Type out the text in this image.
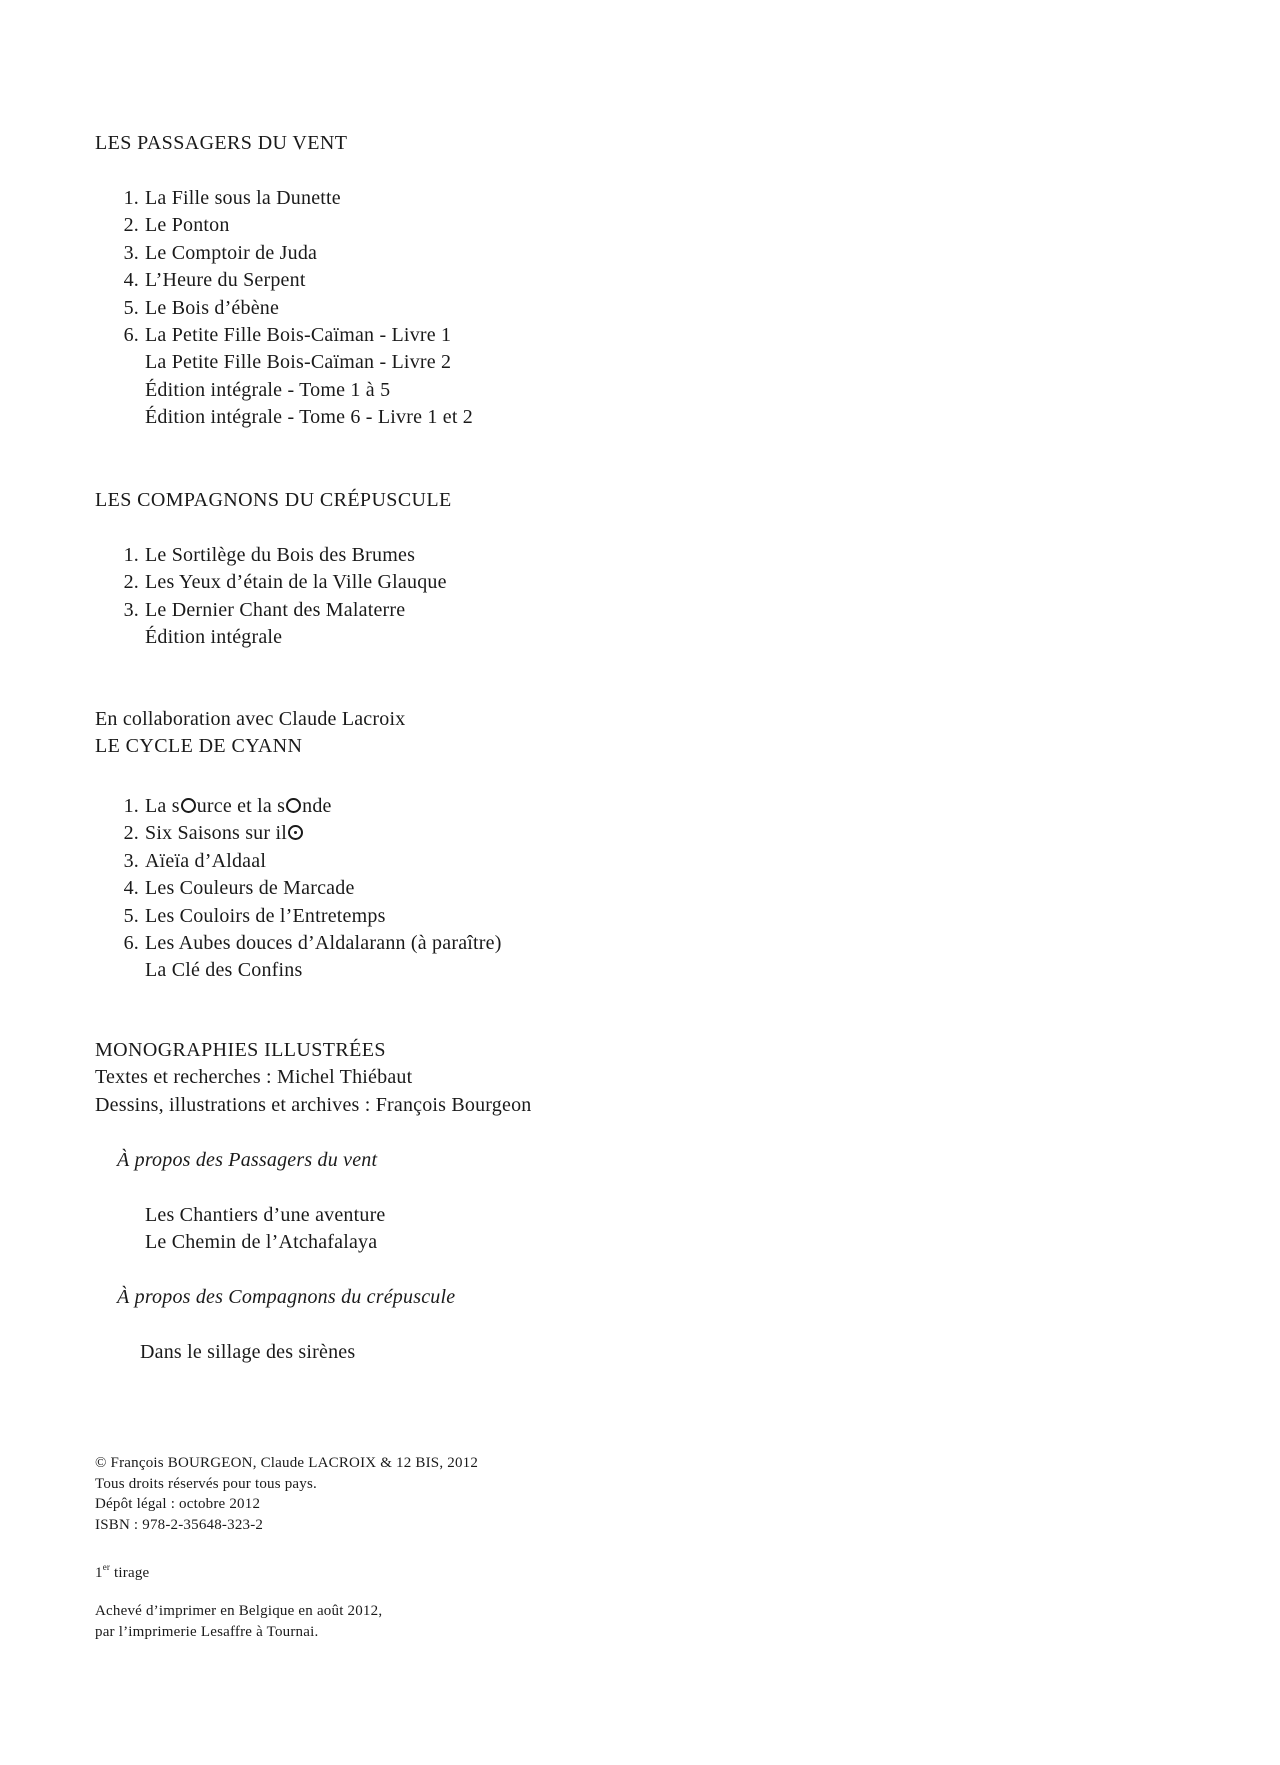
LES PASSAGERS DU VENT
1. La Fille sous la Dunette
2. Le Ponton
3. Le Comptoir de Juda
4. L’Heure du Serpent
5. Le Bois d’ébène
6. La Petite Fille Bois-Caïman - Livre 1
La Petite Fille Bois-Caïman - Livre 2
Édition intégrale - Tome 1 à 5
Édition intégrale - Tome 6 - Livre 1 et 2
LES COMPAGNONS DU CRÉPUSCULE
1. Le Sortilège du Bois des Brumes
2. Les Yeux d’étain de la Ville Glauque
3. Le Dernier Chant des Malaterre
Édition intégrale
En collaboration avec Claude Lacroix
LE CYCLE DE CYANN
1. La s urce et la s nde
2. Six Saisons sur il
3. Aïeïa d’Aldaal
4. Les Couleurs de Marcade
5. Les Couloirs de l’Entretemps
6. Les Aubes douces d’Aldalarann (à paraître)
La Clé des Confins
MONOGRAPHIES ILLUSTRÉES
Textes et recherches : Michel Thiébaut
Dessins, illustrations et archives : François Bourgeon
À propos des Passagers du vent
Les Chantiers d’une aventure
Le Chemin de l’Atchafalaya
À propos des Compagnons du crépuscule
Dans le sillage des sirènes
© François BOURGEON, Claude LACROIX & 12 BIS, 2012
Tous droits réservés pour tous pays.
Dépôt légal : octobre 2012
ISBN : 978-2-35648-323-2
1er tirage
Achevé d’imprimer en Belgique en août 2012,
par l’imprimerie Lesaffre à Tournai.
